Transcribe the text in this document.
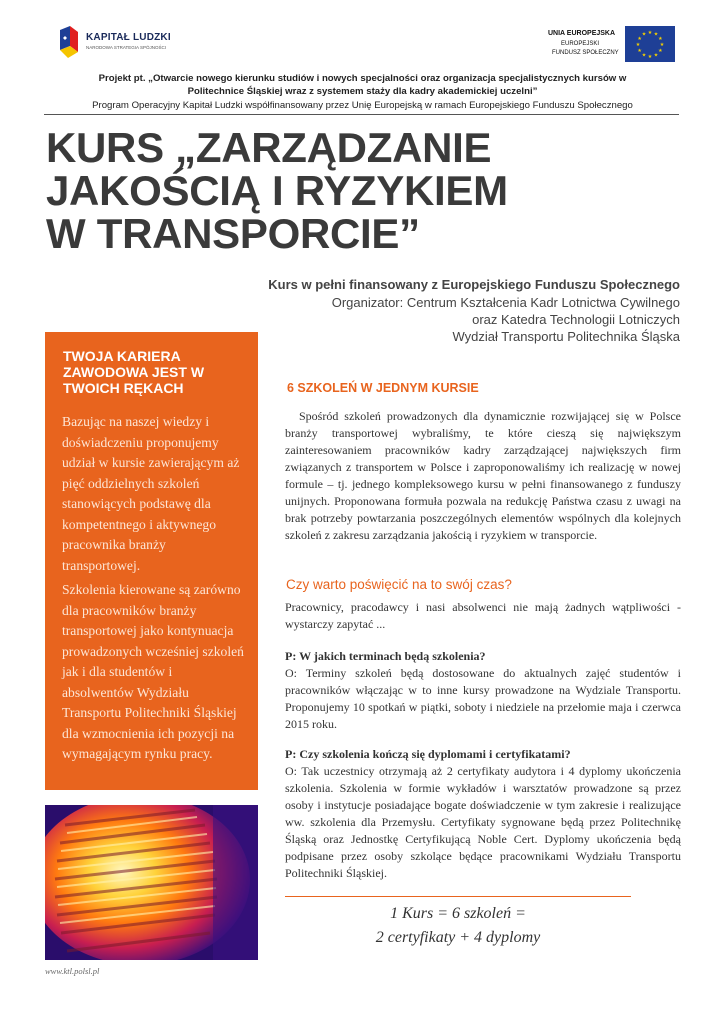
KAPITAŁ LUDZKI
NARODOWA STRATEGIA SPÓJNOŚCI
UNIA EUROPEJSKA
EUROPEJSKI
FUNDUSZ SPOŁECZNY
★ ★
★
★
★
★
★
★
★
★
★
★
Projekt pt. „Otwarcie nowego kierunku studiów i nowych specjalności oraz organizacja specjalistycznych kursów w
Politechnice Śląskiej wraz z systemem staży dla kadry akademickiej uczelni”
Program Operacyjny Kapitał Ludzki współfinansowany przez Unię Europejską w ramach Europejskiego Funduszu Społecznego
KURS „ZARZĄDZANIE
JAKOŚCIĄ I RYZYKIEM
W TRANSPORCIE”
Kurs w pełni finansowany z Europejskiego Funduszu Społecznego
Organizator: Centrum Kształcenia Kadr Lotnictwa Cywilnego
oraz Katedra Technologii Lotniczych
Wydział Transportu Politechnika Śląska
TWOJA KARIERA ZAWODOWA JEST W TWOICH RĘKACH
Bazując na naszej wiedzy i doświadczeniu proponujemy udział w kursie zawierającym aż pięć oddzielnych szkoleń stanowiących podstawę dla kompetentnego i aktywnego pracownika branży transportowej.
Szkolenia kierowane są zarówno dla pracowników branży transportowej jako kontynuacja prowadzonych wcześniej szkoleń jak i dla studentów i absolwentów Wydziału Transportu Politechniki Śląskiej dla wzmocnienia ich pozycji na wymagającym rynku pracy.
www.ktl.polsl.pl
6 SZKOLEŃ W JEDNYM KURSIE
Spośród szkoleń prowadzonych dla dynamicznie rozwijającej się w Polsce branży transportowej wybraliśmy, te które cieszą się największym zainteresowaniem pracowników kadry zarządzającej największych firm związanych z transportem w Polsce i zaproponowaliśmy ich realizację w nowej formule – tj. jednego kompleksowego kursu w pełni finansowanego z funduszy unijnych. Proponowana formuła pozwala na redukcję Państwa czasu z uwagi na brak potrzeby powtarzania poszczególnych elementów wspólnych dla kolejnych szkoleń z zakresu zarządzania jakością i ryzykiem w transporcie.
Czy warto poświęcić na to swój czas?
Pracownicy, pracodawcy i nasi absolwenci nie mają żadnych wątpliwości - wystarczy zapytać ...
P: W jakich terminach będą szkolenia?
O: Terminy szkoleń będą dostosowane do aktualnych zajęć studentów i pracowników włączając w to inne kursy prowadzone na Wydziale Transportu. Proponujemy 10 spotkań w piątki, soboty i niedziele na przełomie maja i czerwca 2015 roku.
P: Czy szkolenia kończą się dyplomami i certyfikatami?
O: Tak uczestnicy otrzymają aż 2 certyfikaty audytora i 4 dyplomy ukończenia szkolenia. Szkolenia w formie wykładów i warsztatów prowadzone są przez osoby i instytucje posiadające bogate doświadczenie w tym zakresie i realizujące ww. szkolenia dla Przemysłu. Certyfikaty sygnowane będą przez Politechnikę Śląską oraz Jednostkę Certyfikującą Noble Cert. Dyplomy ukończenia będą podpisane przez osoby szkolące będące pracownikami Wydziału Transportu Politechniki Śląskiej.
1 Kurs = 6 szkoleń =
2 certyfikaty + 4 dyplomy
